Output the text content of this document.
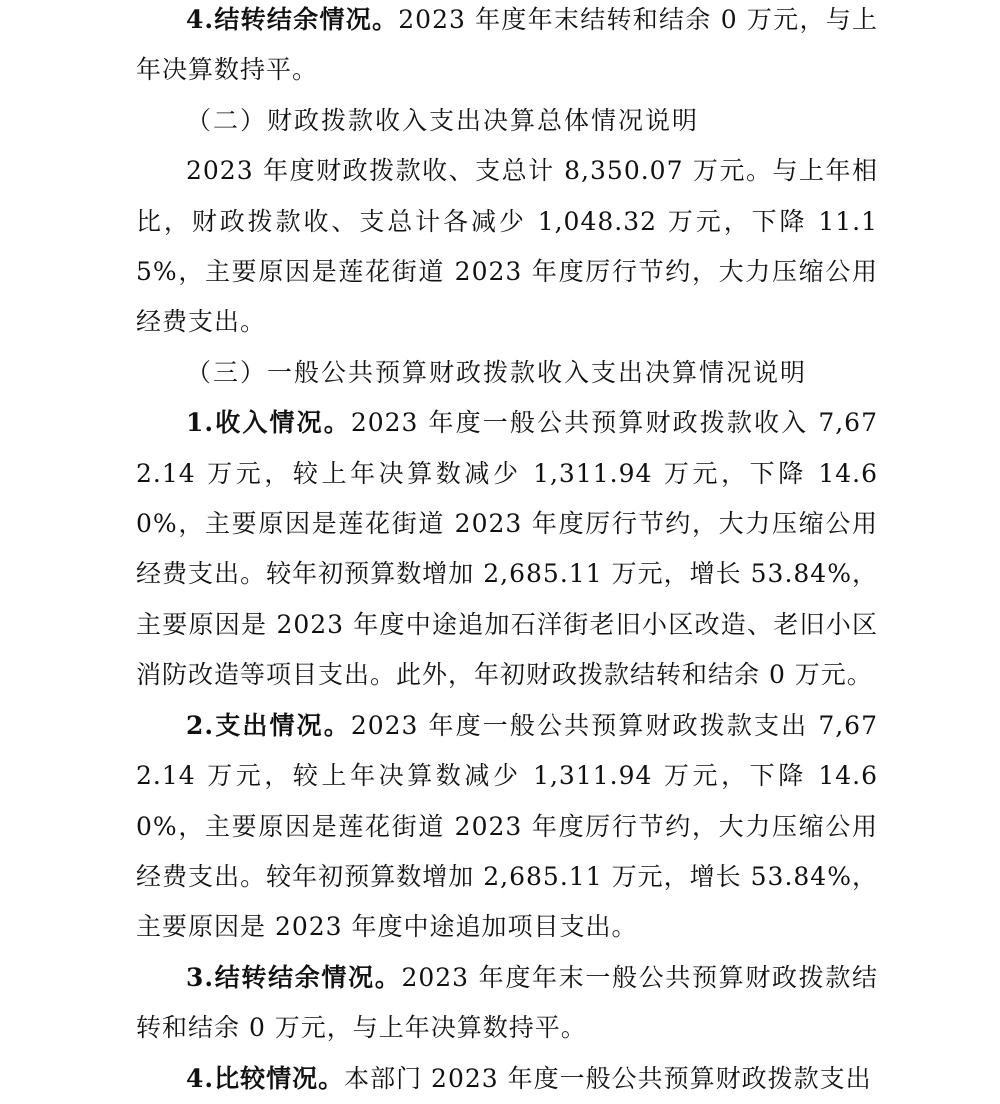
4.结转结余情况。2023 年度年末结转和结余 0 万元，与上年决算数持平。

（二）财政拨款收入支出决算总体情况说明

2023 年度财政拨款收、支总计 8,350.07 万元。与上年相比，财政拨款收、支总计各减少 1,048.32 万元，下降 11.15%，主要原因是莲花街道 2023 年度厉行节约，大力压缩公用经费支出。

（三）一般公共预算财政拨款收入支出决算情况说明

1.收入情况。2023 年度一般公共预算财政拨款收入 7,672.14 万元，较上年决算数减少 1,311.94 万元，下降 14.60%，主要原因是莲花街道 2023 年度厉行节约，大力压缩公用经费支出。较年初预算数增加 2,685.11 万元，增长 53.84%，主要原因是 2023 年度中途追加石洋街老旧小区改造、老旧小区消防改造等项目支出。此外，年初财政拨款结转和结余 0 万元。

2.支出情况。2023 年度一般公共预算财政拨款支出 7,672.14 万元，较上年决算数减少 1,311.94 万元，下降 14.60%，主要原因是莲花街道 2023 年度厉行节约，大力压缩公用经费支出。较年初预算数增加 2,685.11 万元，增长 53.84%，主要原因是 2023 年度中途追加项目支出。

3.结转结余情况。2023 年度年末一般公共预算财政拨款结转和结余 0 万元，与上年决算数持平。

4.比较情况。本部门 2023 年度一般公共预算财政拨款支出
